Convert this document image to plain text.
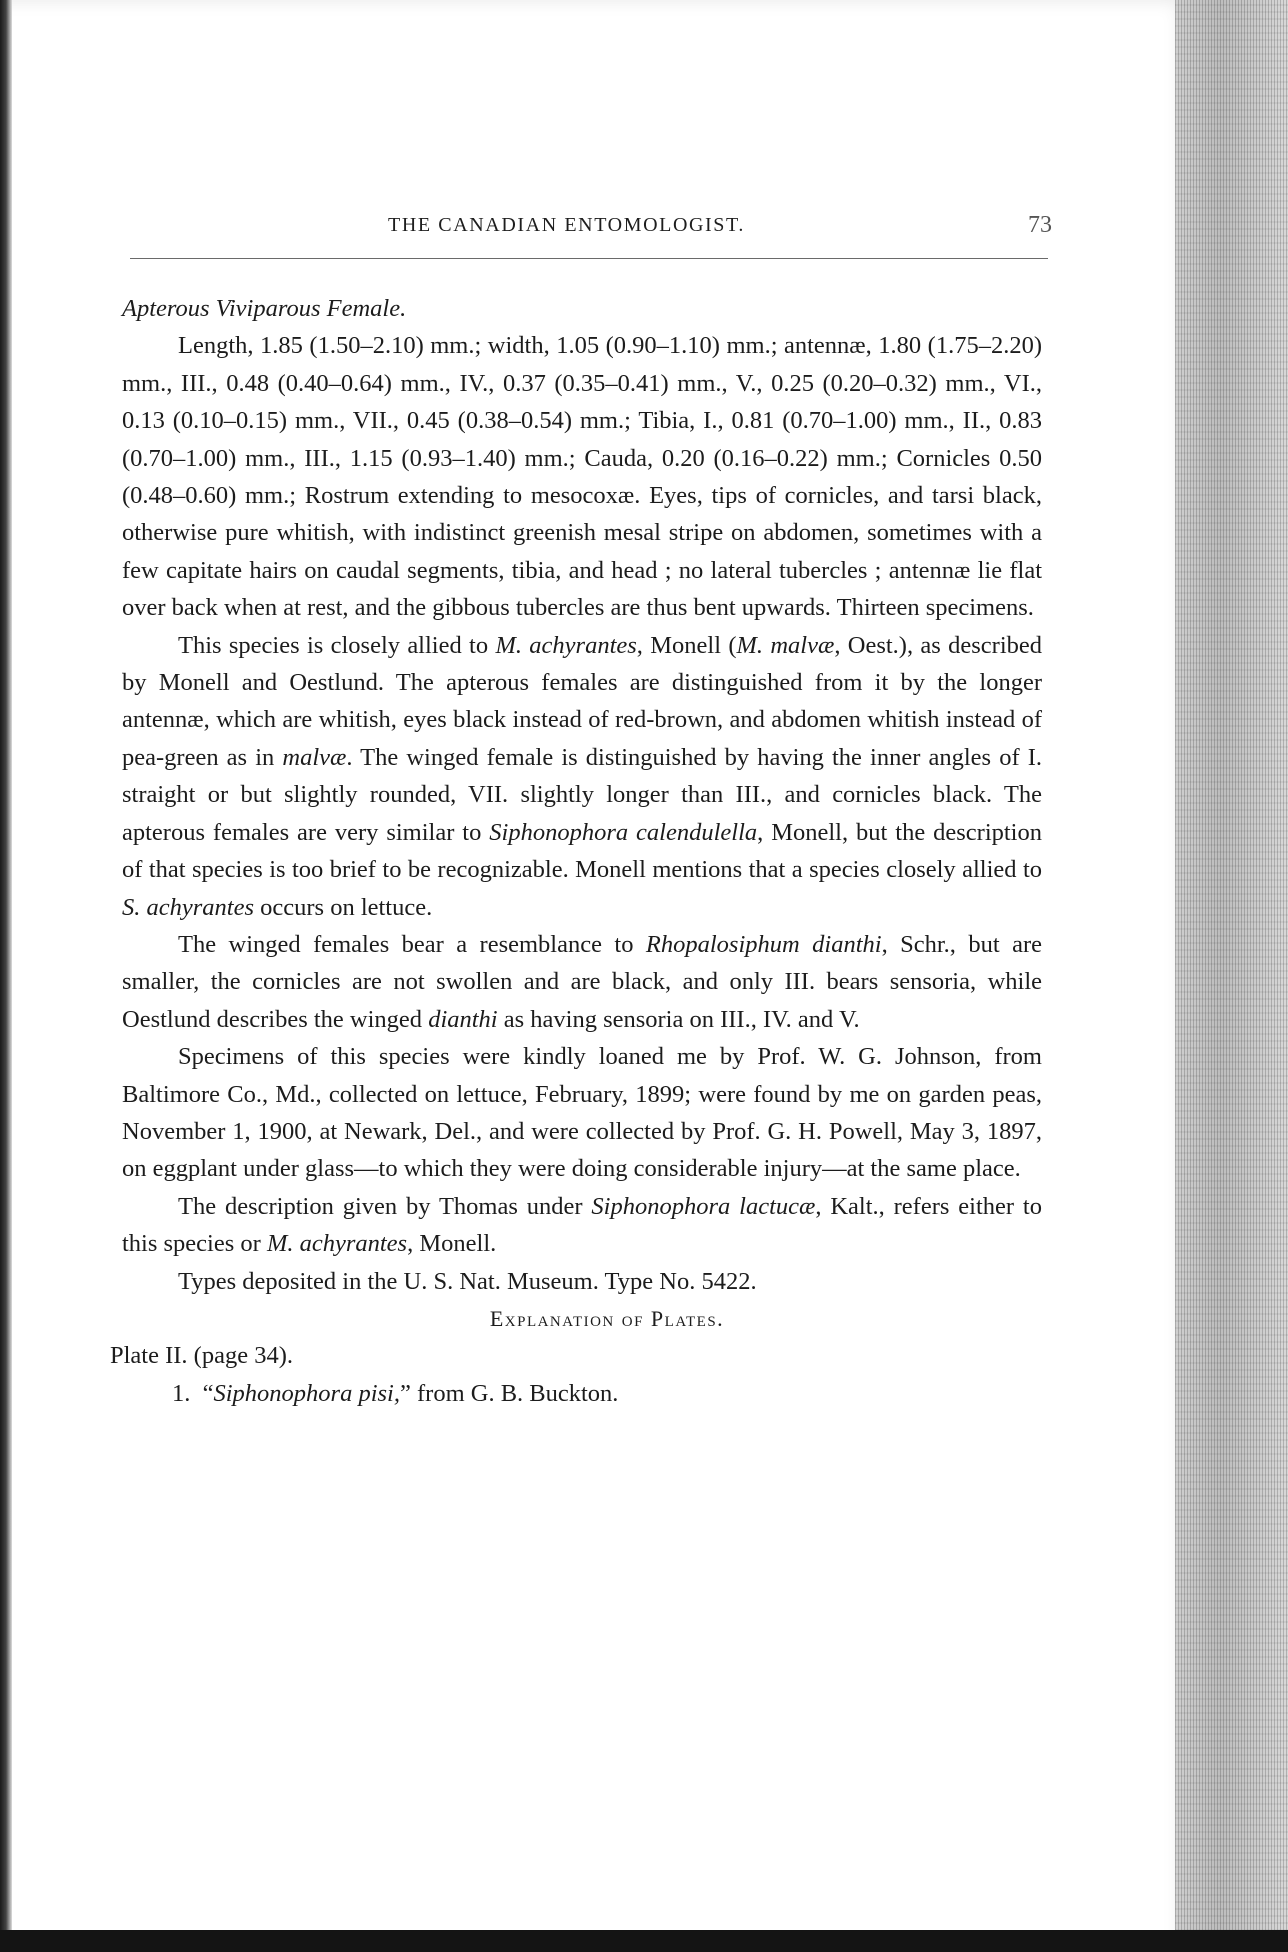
THE CANADIAN ENTOMOLOGIST.	73

Apterous Viviparous Female.

Length, 1.85 (1.50–2.10) mm.; width, 1.05 (0.90–1.10) mm.; antennæ, 1.80 (1.75–2.20) mm., III., 0.48 (0.40–0.64) mm., IV., 0.37 (0.35–0.41) mm., V., 0.25 (0.20–0.32) mm., VI., 0.13 (0.10–0.15) mm., VII., 0.45 (0.38–0.54) mm.; Tibia, I., 0.81 (0.70–1.00) mm., II., 0.83 (0.70–1.00) mm., III., 1.15 (0.93–1.40) mm.; Cauda, 0.20 (0.16–0.22) mm.; Cornicles 0.50 (0.48–0.60) mm.; Rostrum extending to mesocoxæ. Eyes, tips of cornicles, and tarsi black, otherwise pure whitish, with indistinct greenish mesal stripe on abdomen, sometimes with a few capitate hairs on caudal segments, tibia, and head ; no lateral tubercles ; antennæ lie flat over back when at rest, and the gibbous tubercles are thus bent upwards. Thirteen specimens.

This species is closely allied to M. achyrantes, Monell (M. malvæ, Oest.), as described by Monell and Oestlund. The apterous females are distinguished from it by the longer antennæ, which are whitish, eyes black instead of red-brown, and abdomen whitish instead of pea-green as in malvæ. The winged female is distinguished by having the inner angles of I. straight or but slightly rounded, VII. slightly longer than III., and cornicles black. The apterous females are very similar to Siphonophora calendulella, Monell, but the description of that species is too brief to be recognizable. Monell mentions that a species closely allied to S. achyrantes occurs on lettuce.

The winged females bear a resemblance to Rhopalosiphum dianthi, Schr., but are smaller, the cornicles are not swollen and are black, and only III. bears sensoria, while Oestlund describes the winged dianthi as having sensoria on III., IV. and V.

Specimens of this species were kindly loaned me by Prof. W. G. Johnson, from Baltimore Co., Md., collected on lettuce, February, 1899; were found by me on garden peas, November 1, 1900, at Newark, Del., and were collected by Prof. G. H. Powell, May 3, 1897, on eggplant under glass—to which they were doing considerable injury—at the same place.

The description given by Thomas under Siphonophora lactucæ, Kalt., refers either to this species or M. achyrantes, Monell.

Types deposited in the U. S. Nat. Museum. Type No. 5422.

Explanation of Plates.

Plate II. (page 34).

1. “Siphonophora pisi,” from G. B. Buckton.
